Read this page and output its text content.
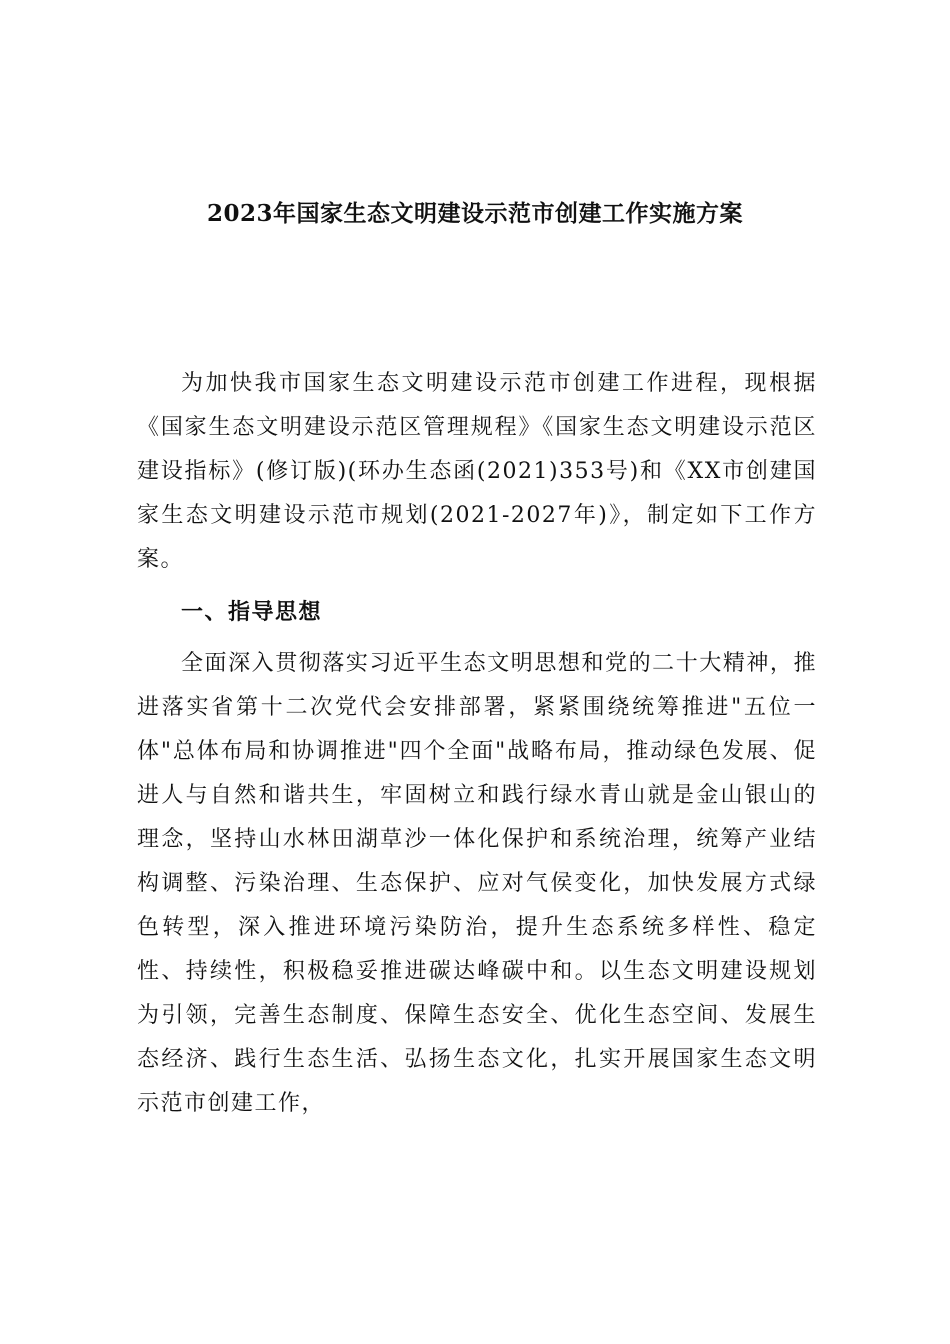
2023年国家生态文明建设示范市创建工作实施方案

为加快我市国家生态文明建设示范市创建工作进程，现根据《国家生态文明建设示范区管理规程》《国家生态文明建设示范区建设指标》(修订版)(环办生态函(2021)353号)和《XX市创建国家生态文明建设示范市规划(2021-2027年)》，制定如下工作方案。

一、指导思想

全面深入贯彻落实习近平生态文明思想和党的二十大精神，推进落实省第十二次党代会安排部署，紧紧围绕统筹推进"五位一体"总体布局和协调推进"四个全面"战略布局，推动绿色发展、促进人与自然和谐共生，牢固树立和践行绿水青山就是金山银山的理念，坚持山水林田湖草沙一体化保护和系统治理，统筹产业结构调整、污染治理、生态保护、应对气侯变化，加快发展方式绿色转型，深入推进环境污染防治，提升生态系统多样性、稳定性、持续性，积极稳妥推进碳达峰碳中和。以生态文明建设规划为引领，完善生态制度、保障生态安全、优化生态空间、发展生态经济、践行生态生活、弘扬生态文化，扎实开展国家生态文明示范市创建工作，
